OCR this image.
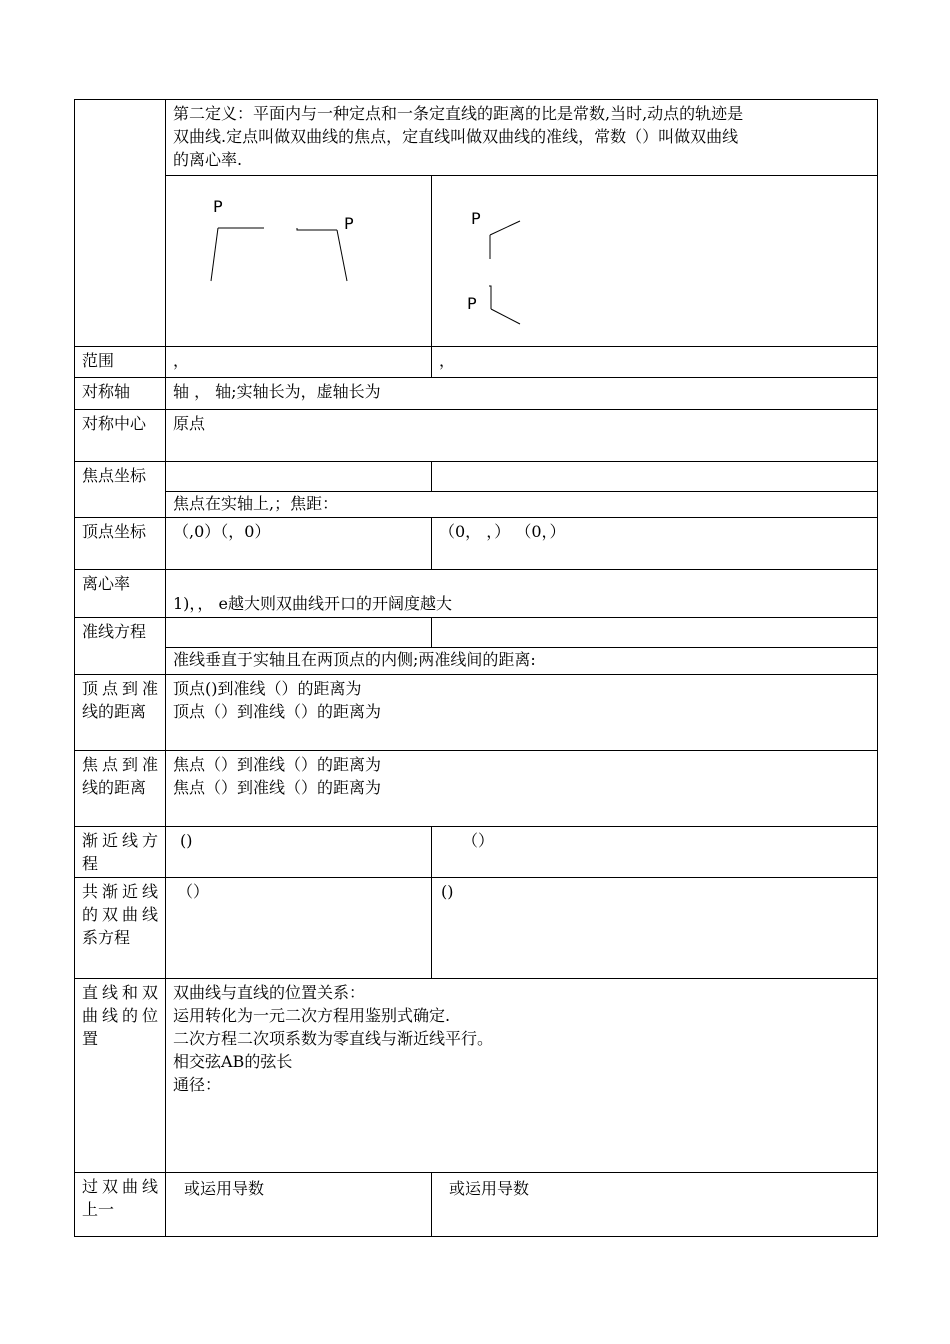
	第二定义：平面内与一种定点和一条定直线的距离的比是常数,当时,动点的轨迹是
双曲线.定点叫做双曲线的焦点，定直线叫做双曲线的准线，常数（）叫做双曲线
的离心率.	

P
P	P
P

范围	，	，
对称轴	轴 ， 轴;实轴长为，虚轴长为	
对称中心	原点	
焦点坐标		
	焦点在实轴上,；焦距：	
顶点坐标	（,0）（，0）	（0， ，） （0，）
离心率	1)，， e越大则双曲线开口的开阔度越大	
准线方程		
	准线垂直于实轴且在两顶点的内侧;两准线间的距离:	
顶点到准线的距离	顶点()到准线（）的距离为
顶点（）到准线（）的距离为	

焦点到准线的距离	焦点（）到准线（）的距离为
焦点（）到准线（）的距离为	

渐近线方程	()	（）
共渐近线的双曲线系方程	（）	()
直线和双曲线的位置	双曲线与直线的位置关系：
运用转化为一元二次方程用鉴别式确定.
二次方程二次项系数为零直线与渐近线平行。
相交弦AB的弦长
通径：	

过双曲线上一	或运用导数	或运用导数
